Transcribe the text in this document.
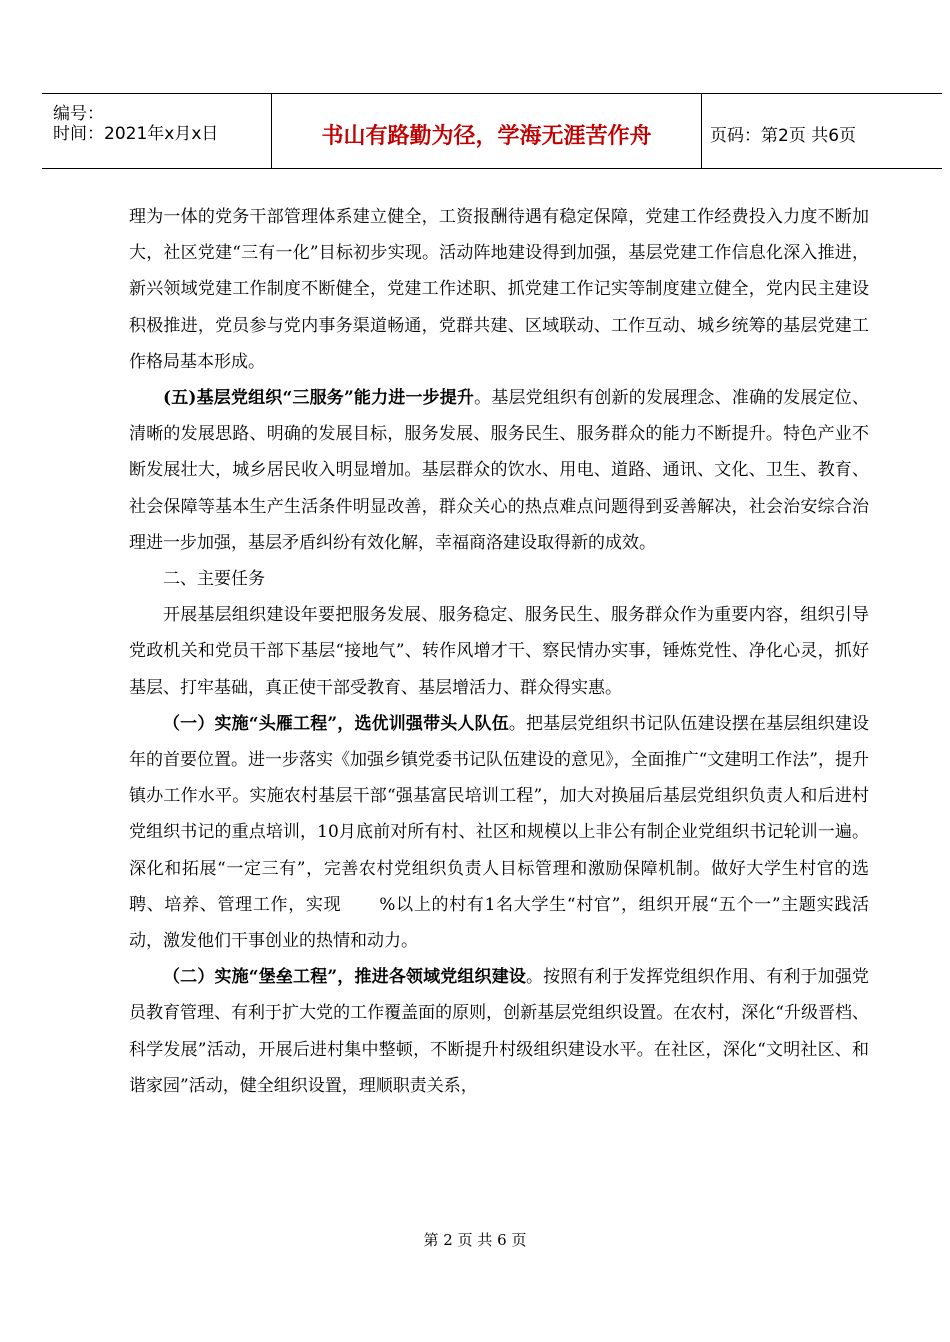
编号：
时间：2021年x月x日	书山有路勤为径，学海无涯苦作舟	页码：第2页 共6页

理为一体的党务干部管理体系建立健全，工资报酬待遇有稳定保障，党建工作经费投入力度不断加大，社区党建“三有一化”目标初步实现。活动阵地建设得到加强，基层党建工作信息化深入推进，新兴领域党建工作制度不断健全，党建工作述职、抓党建工作记实等制度建立健全，党内民主建设积极推进，党员参与党内事务渠道畅通，党群共建、区域联动、工作互动、城乡统筹的基层党建工作格局基本形成。

(五)基层党组织“三服务”能力进一步提升。基层党组织有创新的发展理念、准确的发展定位、清晰的发展思路、明确的发展目标，服务发展、服务民生、服务群众的能力不断提升。特色产业不断发展壮大，城乡居民收入明显增加。基层群众的饮水、用电、道路、通讯、文化、卫生、教育、社会保障等基本生产生活条件明显改善，群众关心的热点难点问题得到妥善解决，社会治安综合治理进一步加强，基层矛盾纠纷有效化解，幸福商洛建设取得新的成效。

二、主要任务

开展基层组织建设年要把服务发展、服务稳定、服务民生、服务群众作为重要内容，组织引导党政机关和党员干部下基层“接地气”、转作风增才干、察民情办实事，锤炼党性、净化心灵，抓好基层、打牢基础，真正使干部受教育、基层增活力、群众得实惠。

（一）实施“头雁工程”，选优训强带头人队伍。把基层党组织书记队伍建设摆在基层组织建设年的首要位置。进一步落实《加强乡镇党委书记队伍建设的意见》，全面推广“文建明工作法”，提升镇办工作水平。实施农村基层干部“强基富民培训工程”，加大对换届后基层党组织负责人和后进村党组织书记的重点培训，10月底前对所有村、社区和规模以上非公有制企业党组织书记轮训一遍。深化和拓展“一定三有”，完善农村党组织负责人目标管理和激励保障机制。做好大学生村官的选聘、培养、管理工作，实现 %以上的村有1名大学生“村官”，组织开展“五个一”主题实践活动，激发他们干事创业的热情和动力。

（二）实施“堡垒工程”，推进各领域党组织建设。按照有利于发挥党组织作用、有利于加强党员教育管理、有利于扩大党的工作覆盖面的原则，创新基层党组织设置。在农村，深化“升级晋档、科学发展”活动，开展后进村集中整顿，不断提升村级组织建设水平。在社区，深化“文明社区、和谐家园”活动，健全组织设置，理顺职责关系，

第 2 页 共 6 页
